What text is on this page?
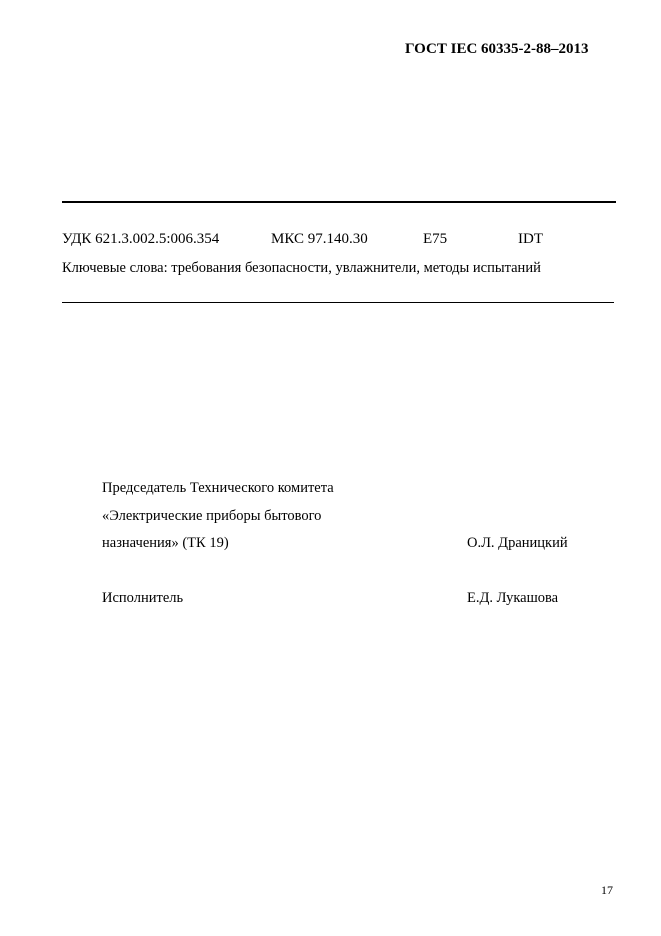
ГОСТ IEC 60335-2-88–2013
УДК 621.3.002.5:006.354	МКС 97.140.30	E75	IDT
Ключевые слова: требования безопасности, увлажнители, методы испытаний
Председатель Технического комитета
«Электрические приборы бытового
назначения» (ТК 19)	О.Л. Драницкий
Исполнитель	Е.Д. Лукашова
17
